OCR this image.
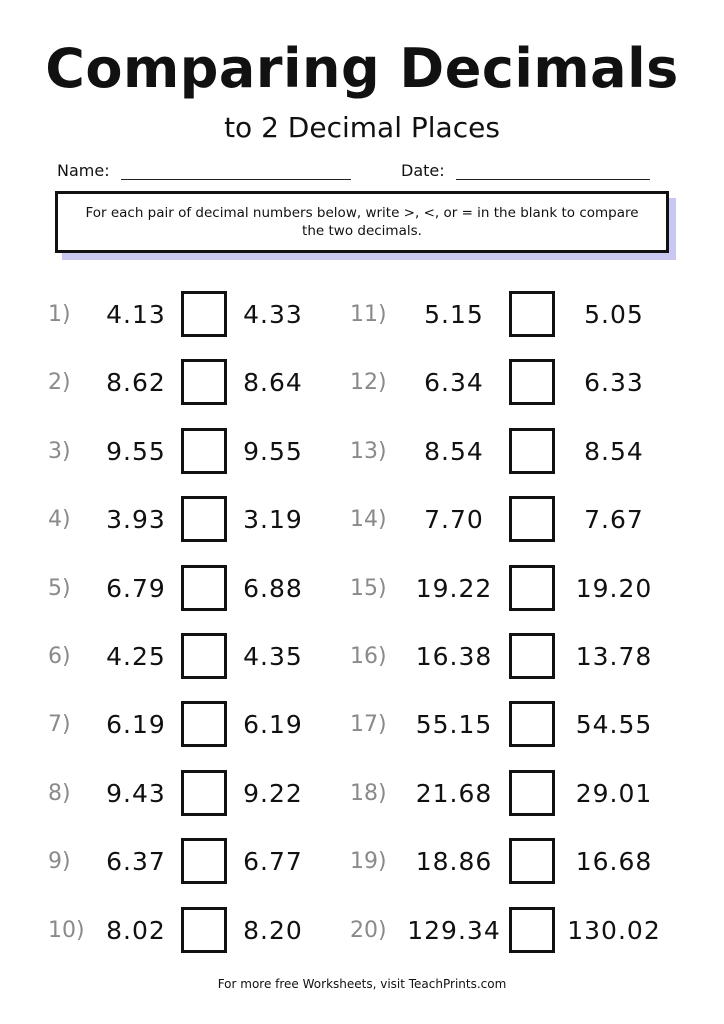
Comparing Decimals
to 2 Decimal Places
Name:	Date:
For each pair of decimal numbers below, write >, <, or = in the blank to compare the two decimals.
1)	4.13	4.33
2)	8.62	8.64
3)	9.55	9.55
4)	3.93	3.19
5)	6.79	6.88
6)	4.25	4.35
7)	6.19	6.19
8)	9.43	9.22
9)	6.37	6.77
10) 8.02	8.20
11)	5.15	5.05
12)	6.34	6.33
13)	8.54	8.54
14)	7.70	7.67
15)	19.22	19.20
16)	16.38	13.78
17)	55.15	54.55
18)	21.68	29.01
19)	18.86	16.68
20) 129.34	130.02
For more free Worksheets, visit TeachPrints.com
